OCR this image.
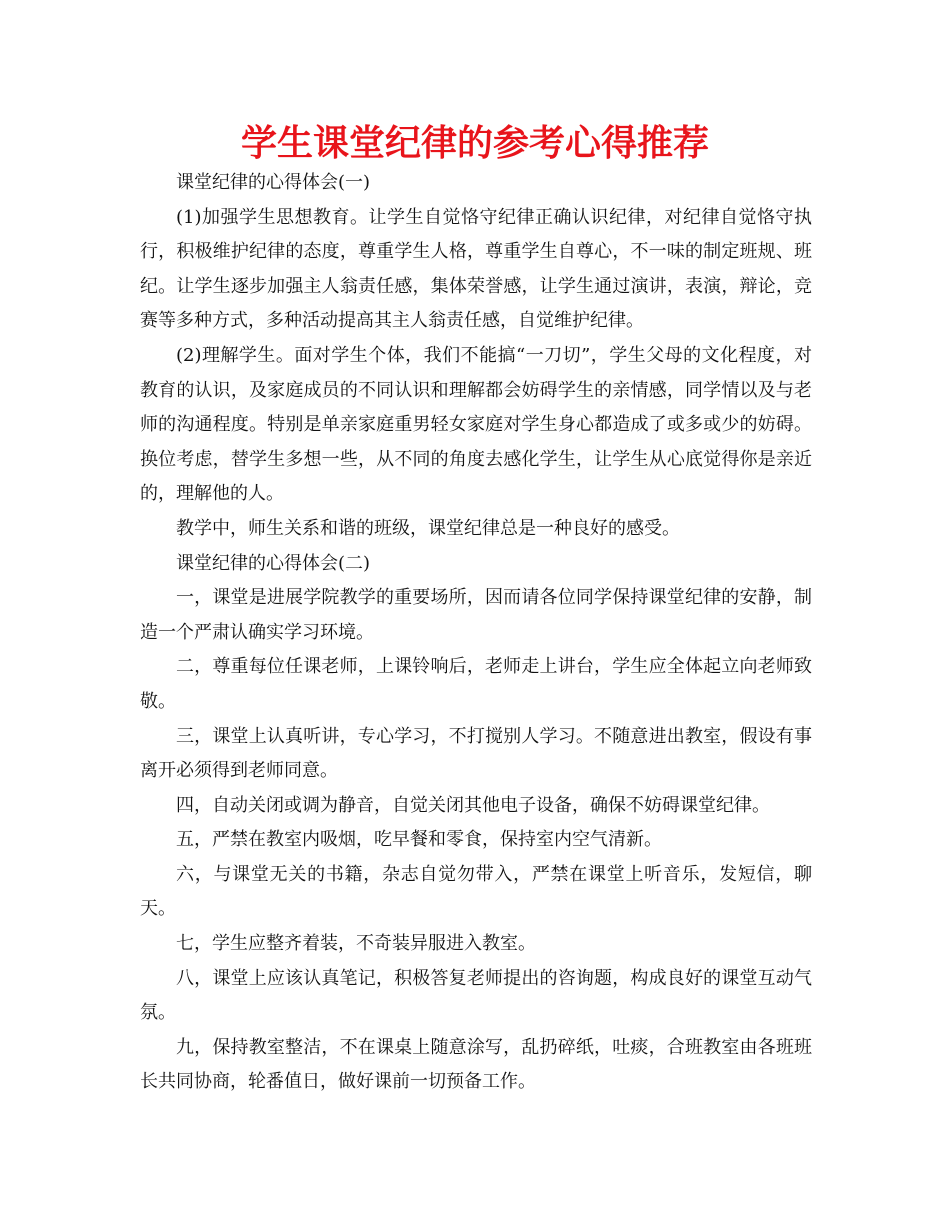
学生课堂纪律的参考心得推荐

课堂纪律的心得体会(一)

(1)加强学生思想教育。让学生自觉恪守纪律正确认识纪律，对纪律自觉恪守执行，积极维护纪律的态度，尊重学生人格，尊重学生自尊心，不一味的制定班规、班纪。让学生逐步加强主人翁责任感，集体荣誉感，让学生通过演讲，表演，辩论，竞赛等多种方式，多种活动提高其主人翁责任感，自觉维护纪律。

(2)理解学生。面对学生个体，我们不能搞“一刀切”，学生父母的文化程度，对教育的认识，及家庭成员的不同认识和理解都会妨碍学生的亲情感，同学情以及与老师的沟通程度。特别是单亲家庭重男轻女家庭对学生身心都造成了或多或少的妨碍。换位考虑，替学生多想一些，从不同的角度去感化学生，让学生从心底觉得你是亲近的，理解他的人。

教学中，师生关系和谐的班级，课堂纪律总是一种良好的感受。

课堂纪律的心得体会(二)

一，课堂是进展学院教学的重要场所，因而请各位同学保持课堂纪律的安静，制造一个严肃认确实学习环境。

二，尊重每位任课老师，上课铃响后，老师走上讲台，学生应全体起立向老师致敬。

三，课堂上认真听讲，专心学习，不打搅别人学习。不随意进出教室，假设有事离开必须得到老师同意。

四，自动关闭或调为静音，自觉关闭其他电子设备，确保不妨碍课堂纪律。

五，严禁在教室内吸烟，吃早餐和零食，保持室内空气清新。

六，与课堂无关的书籍，杂志自觉勿带入，严禁在课堂上听音乐，发短信，聊天。

七，学生应整齐着装，不奇装异服进入教室。

八，课堂上应该认真笔记，积极答复老师提出的咨询题，构成良好的课堂互动气氛。

九，保持教室整洁，不在课桌上随意涂写，乱扔碎纸，吐痰，合班教室由各班班长共同协商，轮番值日，做好课前一切预备工作。
